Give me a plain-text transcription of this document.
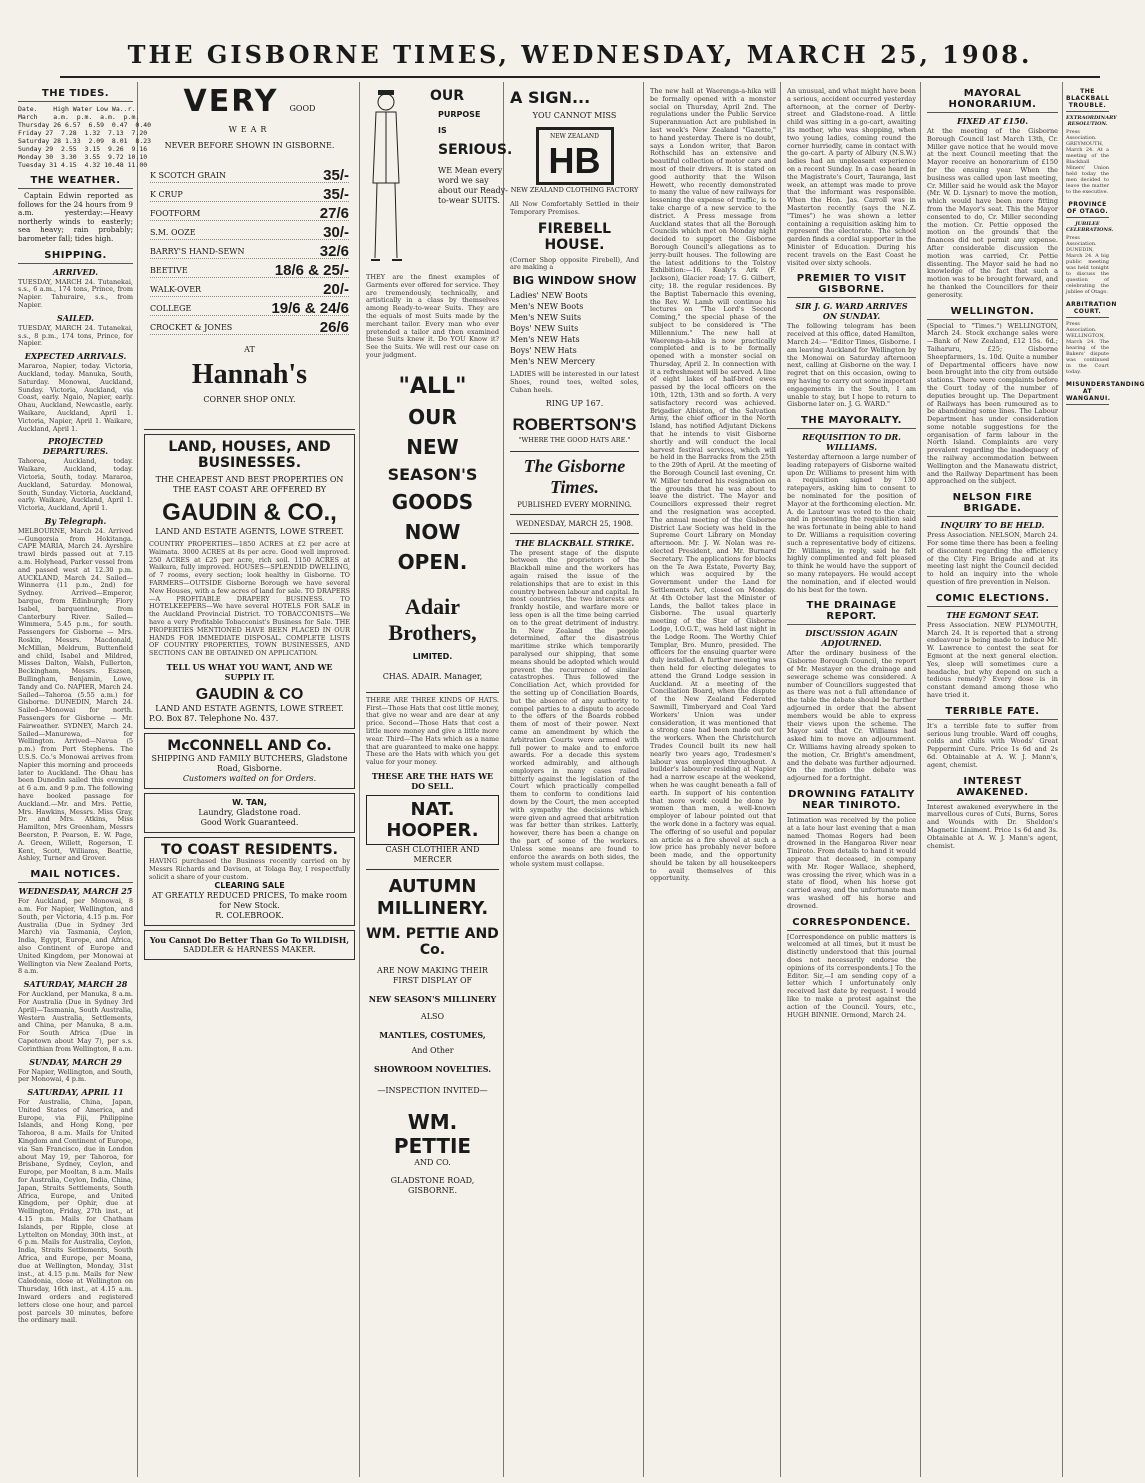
THE GISBORNE TIMES, WEDNESDAY, MARCH 25, 1908.
THE TIDES.
Date.    High Water Low Wa..r.
March    a.m.  p.m.  a.m.  p.m.
Thursday 26 6.57  6.59  0.47  0.40
Friday 27  7.28  1.32  7.13  7.20
Saturday 28 1.33  2.09  8.01  8.23
Sunday 29  2.55  3.15  9.26  9.16
Monday 30  3.30  3.55  9.72 10.10
Tuesday 31 4.15  4.32 10.48 11.00
THE WEATHER.

Captain Edwin reported as follows for the 24 hours from 9 a.m. yesterday:—Heavy northerly winds to easterly; sea heavy; rain probably; barometer fall; tides high.

SHIPPING.
ARRIVED.
TUESDAY, MARCH 24. Tutanekai, s.s., 6 a.m., 174 tons, Prince, from Napier. Tahuraire, s.s., from Napier.
SAILED.
TUESDAY, MARCH 24. Tutanekai, s.s., 8 p.m., 174 tons, Prince, for Napier.
EXPECTED ARRIVALS.
Mararoa, Napier, today. Victoria, Auckland, today. Manuka, South, Saturday. Monowai, Auckland, Sunday. Victoria, Auckland, via Coast, early. Ngaio, Napier, early. Ohau, Auckland, Newcastle, early. Waikare, Auckland, April 1. Victoria, Napier, April 1. Waikare, Auckland, April 1.
PROJECTED DEPARTURES.
Tahoroa, Auckland, today. Waikare, Auckland, today. Victoria, South, today. Mararoa, Auckland, Saturday. Monowai, South, Sunday. Victoria, Auckland, early. Waikare, Auckland, April 1. Victoria, Auckland, April 1.
By Telegraph.
MELBOURNE, March 24. Arrived—Gungorsia from Hokitanga. CAPE MARIA, March 24. Ayrshire trawl birds passed out at 7.15 a.m. Holyhead, Parker vessel from and passed west at 12.30 p.m. AUCKLAND, March 24. Sailed—Winnerra (11 p.m., 2nd) for Sydney. Arrived—Emperor, barque, from Edinburgh; Flory Isabel, barquentine, from Canterbury River. Sailed—Wimmera, 5.45 p.m., for south. Passengers for Gisborne — Mrs. Roskin, Messrs. Macdonald, McMillan, Meldrum, Buttenfield and child, Isabel and Mildred, Misses Dalton, Walsh, Fullerton, Beckingham, Messrs. Eszsen, Bullingham, Benjamin, Lowe, Tandy and Co. NAPIER, March 24. Sailed—Tahoroa (5.55 a.m.) for Gisborne. DUNEDIN, March 24. Sailed—Monowai for north. Passengers for Gisborne — Mr. Fairweather. SYDNEY, March 24. Sailed—Manurewa, for Wellington. Arrived—Navua (5 p.m.) from Port Stephens. The U.S.S. Co.'s Monowai arrives from Napier this morning and proceeds later to Auckland. The Ohau has been Dunedin sailed this evening at 6 a.m. and 9 p.m. The following have booked passage for Auckland.—Mr. and Mrs. Pettie, Mrs. Hawkins, Messrs. Miss Gray, Dr. and Mrs. Atkins, Miss Hamilton, Mrs Greenham, Messrs Beerston, P. Pearson, E. W. Page, A. Green, Willett, Rogerson, T. Kent, Scott, Williams, Beattie, Ashley, Turner and Grover.
MAIL NOTICES.
WEDNESDAY, MARCH 25
For Auckland, per Monowai, 8 a.m. For Napier, Wellington, and South, per Victoria, 4.15 p.m. For Australia (Due in Sydney 3rd March) via Tasmania, Ceylon, India, Egypt, Europe, and Africa, also Continent of Europe and United Kingdom, per Monowai at Wellington via New Zealand Ports, 8 a.m.
SATURDAY, MARCH 28
For Auckland, per Manuka, 8 a.m. For Australia (Due in Sydney 3rd April)—Tasmania, South Australia, Western Australia, Settlements, and China, per Manuka, 8 a.m. For South Africa (Due in Capetown about May 7), per s.s. Corinthian from Wellington, 8 a.m.
SUNDAY, MARCH 29
For Napier, Wellington, and South, per Monowai, 4 p.m.
SATURDAY, APRIL 11
For Australia, China, Japan, United States of America, and Europe, via Fiji, Philippine Islands, and Hong Kong, per Tahoroa, 8 a.m. Mails for United Kingdom and Continent of Europe, via San Francisco, due in London about May 19, per Tahoroa, for Brisbane, Sydney, Ceylon, and Europe, per Mooltan, 8 a.m. Mails for Australia, Ceylon, India, China, Japan, Straits Settlements, South Africa, Europe, and United Kingdom, per Ophir, due at Wellington, Friday, 27th inst., at 4.15 p.m. Mails for Chatham Islands, per Ripple, close at Lyttelton on Monday, 30th inst., at 6 p.m. Mails for Australia, Ceylon, India, Straits Settlements, South Africa, and Europe, per Moana, due at Wellington, Monday, 31st inst., at 4.15 p.m. Mails for New Caledonia, close at Wellington on Thursday, 16th inst., at 4.15 a.m. Inward orders and registered letters close one hour, and parcel post parcels 30 minutes, before the ordinary mail.
VERY GOOD
WEAR
NEVER BEFORE SHOWN IN GISBORNE.
K SCOTCH GRAIN	35/-
K CRUP	35/-
FOOTFORM	27/6
S.M. OOZE	30/-
BARRY'S HAND-SEWN	32/6
BEETIVE	18/6 & 25/-
WALK-OVER	20/-
COLLEGE	19/6 & 24/6
CROCKET & JONES	26/6
AT
Hannah's
CORNER SHOP ONLY.
LAND, HOUSES, AND BUSINESSES.
THE CHEAPEST AND BEST PROPERTIES ON THE EAST COAST ARE OFFERED BY
GAUDIN & CO.,
LAND AND ESTATE AGENTS, LOWE STREET.
COUNTRY PROPERTIES—1850 ACRES at £2 per acre at Waimata. 3000 ACRES at 8s per acre. Good well improved. 250 ACRES at £25 per acre, rich soil. 1150 ACRES at Waikura, fully improved. HOUSES—SPLENDID DWELLING, of 7 rooms, every section; look healthy in Gisborne. TO FARMERS—OUTSIDE Gisborne Borough we have several New Houses, with a few acres of land for sale. TO DRAPERS—A PROFITABLE DRAPERY BUSINESS. TO HOTELKEEPERS—We have several HOTELS FOR SALE in the Auckland Provincial District. TO TOBACCONISTS—We have a very Profitable Tobacconist's Business for Sale. THE PROPERTIES MENTIONED HAVE BEEN PLACED IN OUR HANDS FOR IMMEDIATE DISPOSAL. COMPLETE LISTS OF COUNTRY PROPERTIES, TOWN BUSINESSES, AND SECTIONS CAN BE OBTAINED ON APPLICATION.
TELL US WHAT YOU WANT, AND WE SUPPLY IT.
GAUDIN & CO
LAND AND ESTATE AGENTS, LOWE STREET.
P.O. Box 87. Telephone No. 437.
McCONNELL AND Co.
SHIPPING AND FAMILY BUTCHERS, Gladstone Road, Gisborne.
Customers waited on for Orders.
W. TAN,
Laundry, Gladstone road.
Good Work Guaranteed.
TO COAST RESIDENTS.
HAVING purchased the Business recently carried on by Messrs Richards and Davison, at Tolaga Bay, I respectfully solicit a share of your custom.
CLEARING SALE
AT GREATLY REDUCED PRICES, To make room for New Stock.
R. COLEBROOK.
You Cannot Do Better Than Go To WILDISH,
SADDLER & HARNESS MAKER.
OUR
PURPOSE
IS
SERIOUS.
WE Mean every word we say about our Ready-to-wear SUITS.
THEY are the finest examples of Garments ever offered for service. They are tremendously, technically, and artistically in a class by themselves among Ready-to-wear Suits. They are the equals of most Suits made by the merchant tailor. Every man who ever pretended a tailor and then examined these Suits knew it. Do YOU Know it? See the Suits. We will rest our case on your judgment.
"ALL"
OUR
NEW
SEASON'S
GOODS
NOW
OPEN.
Adair Brothers,
LIMITED.
CHAS. ADAIR. Manager,
THERE ARE THREE KINDS OF HATS. First—Those Hats that cost little money, that give no wear and are dear at any price. Second—Those Hats that cost a little more money and give a little more wear. Third—The Hats which as a name that are guaranteed to make one happy. These are the Hats with which you get value for your money.
THESE ARE THE HATS WE DO SELL.
NAT. HOOPER.
CASH CLOTHIER AND MERCER
AUTUMN MILLINERY.
WM. PETTIE AND Co.
ARE NOW MAKING THEIR FIRST DISPLAY OF
NEW SEASON'S MILLINERY
ALSO
MANTLES, COSTUMES,
And Other
SHOWROOM NOVELTIES.
—INSPECTION INVITED—
WM. PETTIE
AND CO.
GLADSTONE ROAD, GISBORNE.
A SIGN...
YOU CANNOT MISS
NEW ZEALAND
HB
NEW ZEALAND CLOTHING FACTORY
All Now Comfortably Settled in their Temporary Premises.
FIREBELL HOUSE.
(Corner Shop opposite Firebell), And are making a
BIG WINDOW SHOW
Ladies' NEW Boots
Men's NEW Boots
Men's NEW Suits
Boys' NEW Suits
Men's NEW Hats
Boys' NEW Hats
Men's NEW Mercery
LADIES will be interested in our latest Shoes, round toes, welted soles, Cuban heels.
RING UP 167.
ROBERTSON'S
"WHERE THE GOOD HATS ARE."
The Gisborne Times.
PUBLISHED EVERY MORNING.
WEDNESDAY, MARCH 25, 1908.
THE BLACKBALL STRIKE.
The present stage of the dispute between the proprietors of the Blackball mine and the workers has again raised the issue of the relationships that are to exist in this country between labour and capital. In most countries, the two interests are frankly hostile, and warfare more or less open is all the time being carried on to the great detriment of industry. In New Zealand the people determined, after the disastrous maritime strike which temporarily paralysed our shipping, that some means should be adopted which would prevent the recurrence of similar catastrophes. Thus followed the Conciliation Act, which provided for the setting up of Conciliation Boards, but the absence of any authority to compel parties to a dispute to accede to the offers of the Boards robbed them of most of their power. Next came an amendment by which the Arbitration Courts were armed with full power to make and to enforce awards. For a decade this system worked admirably, and although employers in many cases railed bitterly against the legislation of the Court which practically compelled them to conform to conditions laid down by the Court, the men accepted with sympathy the decisions which were given and agreed that arbitration was far better than strikes. Latterly, however, there has been a change on the part of some of the workers. Unless some means are found to enforce the awards on both sides, the whole system must collapse.
The new hall at Waerenga-a-hika will be formally opened with a monster social on Thursday, April 2nd. The regulations under the Public Service Superannuation Act are published in last week's New Zealand "Gazette," to hand yesterday. There is no doubt, says a London writer, that Baron Rothschild has an extensive and beautiful collection of motor cars and most of their drivers. It is stated on good authority that the Wilson Hewett, who recently demonstrated to many the value of new railways for lessening the expense of traffic, is to take charge of a new service to the district. A Press message from Auckland states that all the Borough Councils which met on Monday night decided to support the Gisborne Borough Council's allegations as to jerry-built houses. The following are the latest additions to the Tolstoy Exhibition:—16. Kealy's Ark (F. Jackson), Glacier road; 17. G. Gilbert, city; 18. the regular residences. By the Baptist Tabernacle this evening, the Rev. W. Lamb will continue his lectures on "The Lord's Second Coming," the special phase of the subject to be considered is "The Millennium." The new hall at Waerenga-a-hika is now practically completed and is to be formally opened with a monster social on Thursday, April 2. In connection with it a refreshment will be served. A line of eight lakes of half-bred ewes passed by the local officers on the 10th, 12th, 13th and so forth. A very satisfactory record was achieved. Brigadier Albiston, of the Salvation Army, the chief officer in the North Island, has notified Adjutant Dickens that he intends to visit Gisborne shortly and will conduct the local harvest festival services, which will be held in the Barracks from the 25th to the 29th of April. At the meeting of the Borough Council last evening, Cr. W. Miller tendered his resignation on the grounds that he was about to leave the district. The Mayor and Councillors expressed their regret and the resignation was accepted. The annual meeting of the Gisborne District Law Society was held in the Supreme Court Library on Monday afternoon. Mr. J. W. Nolan was re-elected President, and Mr. Burnard Secretary. The applications for blocks on the Te Awa Estate, Poverty Bay, which was acquired by the Government under the Land for Settlements Act, closed on Monday. At 4th October last the Minister of Lands, the ballot takes place in Gisborne. The usual quarterly meeting of the Star of Gisborne Lodge, I.O.G.T., was held last night in the Lodge Room. The Worthy Chief Templar, Bro. Munro, presided. The officers for the ensuing quarter were duly installed. A further meeting was then held for electing delegates to attend the Grand Lodge session in Auckland. At a meeting of the Conciliation Board, when the dispute of the New Zealand Federated Sawmill, Timberyard and Coal Yard Workers' Union was under consideration, it was mentioned that a strong case had been made out for the workers. When the Christchurch Trades Council built its new hall nearly two years ago, Tradesmen's labour was employed throughout. A builder's labourer residing at Napier had a narrow escape at the weekend, when he was caught beneath a fall of earth. In support of his contention that more work could be done by women than men, a well-known employer of labour pointed out that the work done in a factory was equal. The offering of so useful and popular an article as a fire shovel at such a low price has probably never before been made, and the opportunity should be taken by all housekeepers to avail themselves of this opportunity.
An unusual, and what might have been a serious, accident occurred yesterday afternoon, at the corner of Derby-street and Gladstone-road. A little child was sitting in a go-cart, awaiting its mother, who was shopping, when two young ladies, coming round the corner hurriedly, came in contact with the go-cart. A party of Albury (N.S.W.) ladies had an unpleasant experience on a recent Sunday. In a case heard in the Magistrate's Court, Tauranga, last week, an attempt was made to prove that the informant was responsible. When the Hon. Jas. Carroll was in Masterton recently (says the N.Z. "Times") he was shown a letter containing a requisition asking him to represent the electorate. The school garden finds a cordial supporter in the Minister of Education. During his recent travels on the East Coast he visited over sixty schools.
PREMIER TO VISIT GISBORNE.
SIR J. G. WARD ARRIVES ON SUNDAY.
The following telegram has been received at this office, dated Hamilton, March 24:— "Editor Times, Gisborne. I am leaving Auckland for Wellington by the Monowai on Saturday afternoon next, calling at Gisborne on the way. I regret that on this occasion, owing to my having to carry out some important engagements in the South, I am unable to stay, but I hope to return to Gisborne later on. J. G. WARD."
THE MAYORALTY.
REQUISITION TO DR. WILLIAMS.
Yesterday afternoon a large number of leading ratepayers of Gisborne waited upon Dr. Williams to present him with a requisition signed by 130 ratepayers, asking him to consent to be nominated for the position of Mayor at the forthcoming election. Mr. A. de Lautour was voted to the chair, and in presenting the requisition said he was fortunate in being able to hand to Dr. Williams a requisition covering such a representative body of citizens. Dr. Williams, in reply, said he felt highly complimented and felt pleased to think he would have the support of so many ratepayers. He would accept the nomination, and if elected would do his best for the town.
THE DRAINAGE REPORT.
DISCUSSION AGAIN ADJOURNED.
After the ordinary business of the Gisborne Borough Council, the report of Mr. Mestayer on the drainage and sewerage scheme was considered. A number of Councillors suggested that as there was not a full attendance of the table the debate should be further adjourned in order that the absent members would be able to express their views upon the scheme. The Mayor said that Cr. Williams had asked him to move an adjournment. Cr. Williams having already spoken to the motion, Cr. Bright's amendment, and the debate was further adjourned. On the motion the debate was adjourned for a fortnight.
DROWNING FATALITY NEAR TINIROTO.
Intimation was received by the police at a late hour last evening that a man named Thomas Rogers had been drowned in the Hangaroa River near Tiniroto. From details to hand it would appear that deceased, in company with Mr. Roger Wallace, shepherd, was crossing the river, which was in a state of flood, when his horse got carried away, and the unfortunate man was washed off his horse and drowned.
CORRESPONDENCE.
[Correspondence on public matters is welcomed at all times, but it must be distinctly understood that this journal does not necessarily endorse the opinions of its correspondents.] To the Editor. Sir,—I am sending copy of a letter which I unfortunately only received last date by request. I would like to make a protest against the action of the Council. Yours, etc., HUGH BINNIE. Ormond, March 24.
MAYORAL HONORARIUM.
FIXED AT £150.
At the meeting of the Gisborne Borough Council last March 13th, Cr. Miller gave notice that he would move at the next Council meeting that the Mayor receive an honorarium of £150 for the ensuing year. When the business was called upon last meeting, Cr. Miller said he would ask the Mayor (Mr. W. D. Lysnar) to move the motion, which would have been more fitting from the Mayor's seat. This the Mayor consented to do, Cr. Miller seconding the motion. Cr. Pettie opposed the motion on the grounds that the finances did not permit any expense. After considerable discussion the motion was carried, Cr. Pettie dissenting. The Mayor said he had no knowledge of the fact that such a motion was to be brought forward, and he thanked the Councillors for their generosity.
WELLINGTON.
(Special to "Times.") WELLINGTON, March 24. Stock exchange sales were—Bank of New Zealand, £12 15s. 6d.; Taiharuru, £25; Gisborne Sheepfarmers, 1s. 10d. Quite a number of Departmental officers have now been brought into the city from outside stations. There were complaints before the Court today of the number of deputies brought up. The Department of Railways has been rumoured as to be abandoning some lines. The Labour Department has under consideration some notable suggestions for the organisation of farm labour in the North Island. Complaints are very prevalent regarding the inadequacy of the railway accommodation between Wellington and the Manawatu district, and the Railway Department has been approached on the subject.
NELSON FIRE BRIGADE.
INQUIRY TO BE HELD.
Press Association. NELSON, March 24. For some time there has been a feeling of discontent regarding the efficiency of the City Fire Brigade and at its meeting last night the Council decided to hold an inquiry into the whole question of fire prevention in Nelson.
COMIC ELECTIONS.
THE EGMONT SEAT.
Press Association. NEW PLYMOUTH, March 24. It is reported that a strong endeavour is being made to induce Mr. W. Lawrence to contest the seat for Egmont at the next general election. Yes, sleep will sometimes cure a headache, but why depend on such a tedious remedy? Every dose is in constant demand among those who have tried it.
TERRIBLE FATE.
It's a terrible fate to suffer from serious lung trouble. Ward off coughs, colds and chills with Woods' Great Peppermint Cure. Price 1s 6d and 2s 6d. Obtainable at A. W. J. Mann's, agent, chemist.
INTEREST AWAKENED.
Interest awakened everywhere in the marvellous cures of Cuts, Burns, Sores and Wounds with Dr. Sheldon's Magnetic Liniment. Price 1s 6d and 3s. Obtainable at A. W. J. Mann's agent, chemist.
THE BLACKBALL TROUBLE.
EXTRAORDINARY RESOLUTION.
Press Association. GREYMOUTH, March 24. At a meeting of the Blackball Miners' Union held today the men decided to leave the matter to the executive.
PROVINCE OF OTAGO.
JUBILEE CELEBRATIONS.
Press Association. DUNEDIN, March 24. A big public meeting was held tonight to discuss the question of celebrating the jubilee of Otago.
ARBITRATION COURT.
Press Association. WELLINGTON, March 24. The hearing of the Bakers' dispute was continued in the Court today.
MISUNDERSTANDING AT WANGANUI.
